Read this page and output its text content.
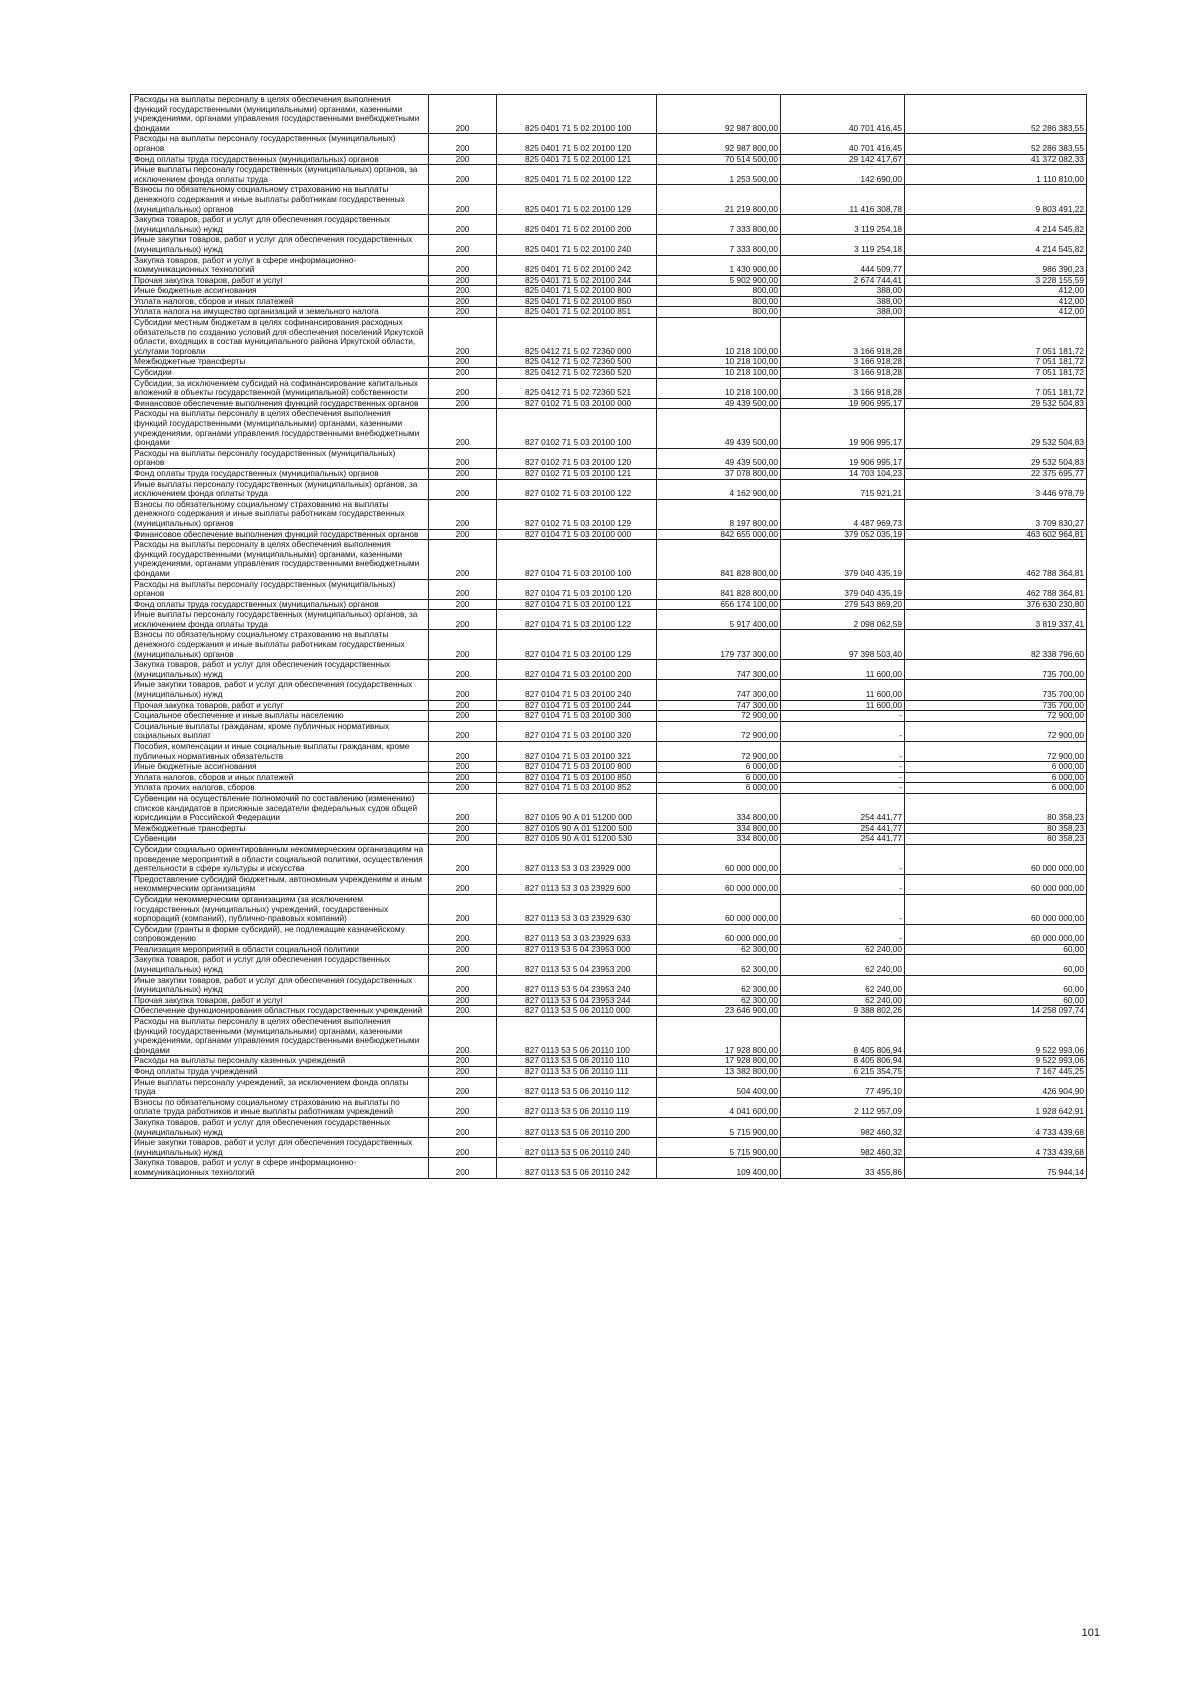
Расходы на выплаты персоналу в целях обеспечения выполнения функций государственными (муниципальными) органами, казенными учреждениями, органами управления государственными внебюджетными фондами	200	825 0401 71 5 02 20100 100	92 987 800,00	40 701 416,45	52 286 383,55
Расходы на выплаты персоналу государственных (муниципальных) органов	200	825 0401 71 5 02 20100 120	92 987 800,00	40 701 416,45	52 286 383,55
Фонд оплаты труда государственных (муниципальных) органов	200	825 0401 71 5 02 20100 121	70 514 500,00	29 142 417,67	41 372 082,33
Иные выплаты персоналу государственных (муниципальных) органов, за исключением фонда оплаты труда	200	825 0401 71 5 02 20100 122	1 253 500,00	142 690,00	1 110 810,00
Взносы по обязательному социальному страхованию на выплаты денежного содержания и иные выплаты работникам государственных (муниципальных) органов	200	825 0401 71 5 02 20100 129	21 219 800,00	11 416 308,78	9 803 491,22
Закупка товаров, работ и услуг для обеспечения государственных (муниципальных) нужд	200	825 0401 71 5 02 20100 200	7 333 800,00	3 119 254,18	4 214 545,82
Иные закупки товаров, работ и услуг для обеспечения государственных (муниципальных) нужд	200	825 0401 71 5 02 20100 240	7 333 800,00	3 119 254,18	4 214 545,82
Закупка товаров, работ и услуг в сфере информационно-коммуникационных технологий	200	825 0401 71 5 02 20100 242	1 430 900,00	444 509,77	986 390,23
Прочая закупка товаров, работ и услуг	200	825 0401 71 5 02 20100 244	5 902 900,00	2 674 744,41	3 228 155,59
Иные бюджетные ассигнования	200	825 0401 71 5 02 20100 800	800,00	388,00	412,00
Уплата налогов, сборов и иных платежей	200	825 0401 71 5 02 20100 850	800,00	388,00	412,00
Уплата налога на имущество организаций и земельного налога	200	825 0401 71 5 02 20100 851	800,00	388,00	412,00
Субсидии местным бюджетам в целях софинансирования расходных обязательств по созданию условий для обеспечения поселений Иркутской области, входящих в состав муниципального района Иркутской области, услугами торговли	200	825 0412 71 5 02 72360 000	10 218 100,00	3 166 918,28	7 051 181,72
Межбюджетные трансферты	200	825 0412 71 5 02 72360 500	10 218 100,00	3 166 918,28	7 051 181,72
Субсидии	200	825 0412 71 5 02 72360 520	10 218 100,00	3 166 918,28	7 051 181,72
Субсидии, за исключением субсидий на софинансирование капитальных вложений в объекты государственной (муниципальной) собственности	200	825 0412 71 5 02 72360 521	10 218 100,00	3 166 918,28	7 051 181,72
Финансовое обеспечение выполнения функций государственных органов	200	827 0102 71 5 03 20100 000	49 439 500,00	19 906 995,17	29 532 504,83
Расходы на выплаты персоналу в целях обеспечения выполнения функций государственными (муниципальными) органами, казенными учреждениями, органами управления государственными внебюджетными фондами	200	827 0102 71 5 03 20100 100	49 439 500,00	19 906 995,17	29 532 504,83
Расходы на выплаты персоналу государственных (муниципальных) органов	200	827 0102 71 5 03 20100 120	49 439 500,00	19 906 995,17	29 532 504,83
Фонд оплаты труда государственных (муниципальных) органов	200	827 0102 71 5 03 20100 121	37 078 800,00	14 703 104,23	22 375 695,77
Иные выплаты персоналу государственных (муниципальных) органов, за исключением фонда оплаты труда	200	827 0102 71 5 03 20100 122	4 162 900,00	715 921,21	3 446 978,79
Взносы по обязательному социальному страхованию на выплаты денежного содержания и иные выплаты работникам государственных (муниципальных) органов	200	827 0102 71 5 03 20100 129	8 197 800,00	4 487 969,73	3 709 830,27
Финансовое обеспечение выполнения функций государственных органов	200	827 0104 71 5 03 20100 000	842 655 000,00	379 052 035,19	463 602 964,81
Расходы на выплаты персоналу в целях обеспечения выполнения функций государственными (муниципальными) органами, казенными учреждениями, органами управления государственными внебюджетными фондами	200	827 0104 71 5 03 20100 100	841 828 800,00	379 040 435,19	462 788 364,81
Расходы на выплаты персоналу государственных (муниципальных) органов	200	827 0104 71 5 03 20100 120	841 828 800,00	379 040 435,19	462 788 364,81
Фонд оплаты труда государственных (муниципальных) органов	200	827 0104 71 5 03 20100 121	656 174 100,00	279 543 869,20	376 630 230,80
Иные выплаты персоналу государственных (муниципальных) органов, за исключением фонда оплаты труда	200	827 0104 71 5 03 20100 122	5 917 400,00	2 098 062,59	3 819 337,41
Взносы по обязательному социальному страхованию на выплаты денежного содержания и иные выплаты работникам государственных (муниципальных) органов	200	827 0104 71 5 03 20100 129	179 737 300,00	97 398 503,40	82 338 796,60
Закупка товаров, работ и услуг для обеспечения государственных (муниципальных) нужд	200	827 0104 71 5 03 20100 200	747 300,00	11 600,00	735 700,00
Иные закупки товаров, работ и услуг для обеспечения государственных (муниципальных) нужд	200	827 0104 71 5 03 20100 240	747 300,00	11 600,00	735 700,00
Прочая закупка товаров, работ и услуг	200	827 0104 71 5 03 20100 244	747 300,00	11 600,00	735 700,00
Социальное обеспечение и иные выплаты населению	200	827 0104 71 5 03 20100 300	72 900,00	-	72 900,00
Социальные выплаты гражданам, кроме публичных нормативных социальных выплат	200	827 0104 71 5 03 20100 320	72 900,00	-	72 900,00
Пособия, компенсации и иные социальные выплаты гражданам, кроме публичных нормативных обязательств	200	827 0104 71 5 03 20100 321	72 900,00	-	72 900,00
Иные бюджетные ассигнования	200	827 0104 71 5 03 20100 800	6 000,00	-	6 000,00
Уплата налогов, сборов и иных платежей	200	827 0104 71 5 03 20100 850	6 000,00	-	6 000,00
Уплата прочих налогов, сборов	200	827 0104 71 5 03 20100 852	6 000,00	-	6 000,00
Субвенции на осуществление полномочий по составлению (изменению) списков кандидатов в присяжные заседатели федеральных судов общей юрисдикции в Российской Федерации	200	827 0105 90 А 01 51200 000	334 800,00	254 441,77	80 358,23
Межбюджетные трансферты	200	827 0105 90 А 01 51200 500	334 800,00	254 441,77	80 358,23
Субвенции	200	827 0105 90 А 01 51200 530	334 800,00	254 441,77	80 358,23
Субсидии социально ориентированным некоммерческим организациям на проведение мероприятий в области социальной политики, осуществления деятельности в сфере культуры и искусства	200	827 0113 53 3 03 23929 000	60 000 000,00	-	60 000 000,00
Предоставление субсидий бюджетным, автономным учреждениям и иным некоммерческим организациям	200	827 0113 53 3 03 23929 600	60 000 000,00	-	60 000 000,00
Субсидии некоммерческим организациям (за исключением государственных (муниципальных) учреждений, государственных корпораций (компаний), публично-правовых компаний)	200	827 0113 53 3 03 23929 630	60 000 000,00	-	60 000 000,00
Субсидии (гранты в форме субсидий), не подлежащие казначейскому сопровождению	200	827 0113 53 3 03 23929 633	60 000 000,00	-	60 000 000,00
Реализация мероприятий в области социальной политики	200	827 0113 53 5 04 23953 000	62 300,00	62 240,00	60,00
Закупка товаров, работ и услуг для обеспечения государственных (муниципальных) нужд	200	827 0113 53 5 04 23953 200	62 300,00	62 240,00	60,00
Иные закупки товаров, работ и услуг для обеспечения государственных (муниципальных) нужд	200	827 0113 53 5 04 23953 240	62 300,00	62 240,00	60,00
Прочая закупка товаров, работ и услуг	200	827 0113 53 5 04 23953 244	62 300,00	62 240,00	60,00
Обеспечение функционирования областных государственных учреждений	200	827 0113 53 5 06 20110 000	23 646 900,00	9 388 802,26	14 258 097,74
Расходы на выплаты персоналу в целях обеспечения выполнения функций государственными (муниципальными) органами, казенными учреждениями, органами управления государственными внебюджетными фондами	200	827 0113 53 5 06 20110 100	17 928 800,00	8 405 806,94	9 522 993,06
Расходы на выплаты персоналу казенных учреждений	200	827 0113 53 5 06 20110 110	17 928 800,00	8 405 806,94	9 522 993,06
Фонд оплаты труда учреждений	200	827 0113 53 5 06 20110 111	13 382 800,00	6 215 354,75	7 167 445,25
Иные выплаты персоналу учреждений, за исключением фонда оплаты труда	200	827 0113 53 5 06 20110 112	504 400,00	77 495,10	426 904,90
Взносы по обязательному социальному страхованию на выплаты по оплате труда работников и иные выплаты работникам учреждений	200	827 0113 53 5 06 20110 119	4 041 600,00	2 112 957,09	1 928 642,91
Закупка товаров, работ и услуг для обеспечения государственных (муниципальных) нужд	200	827 0113 53 5 06 20110 200	5 715 900,00	982 460,32	4 733 439,68
Иные закупки товаров, работ и услуг для обеспечения государственных (муниципальных) нужд	200	827 0113 53 5 06 20110 240	5 715 900,00	982 460,32	4 733 439,68
Закупка товаров, работ и услуг в сфере информационно-коммуникационных технологий	200	827 0113 53 5 06 20110 242	109 400,00	33 455,86	75 944,14
101
